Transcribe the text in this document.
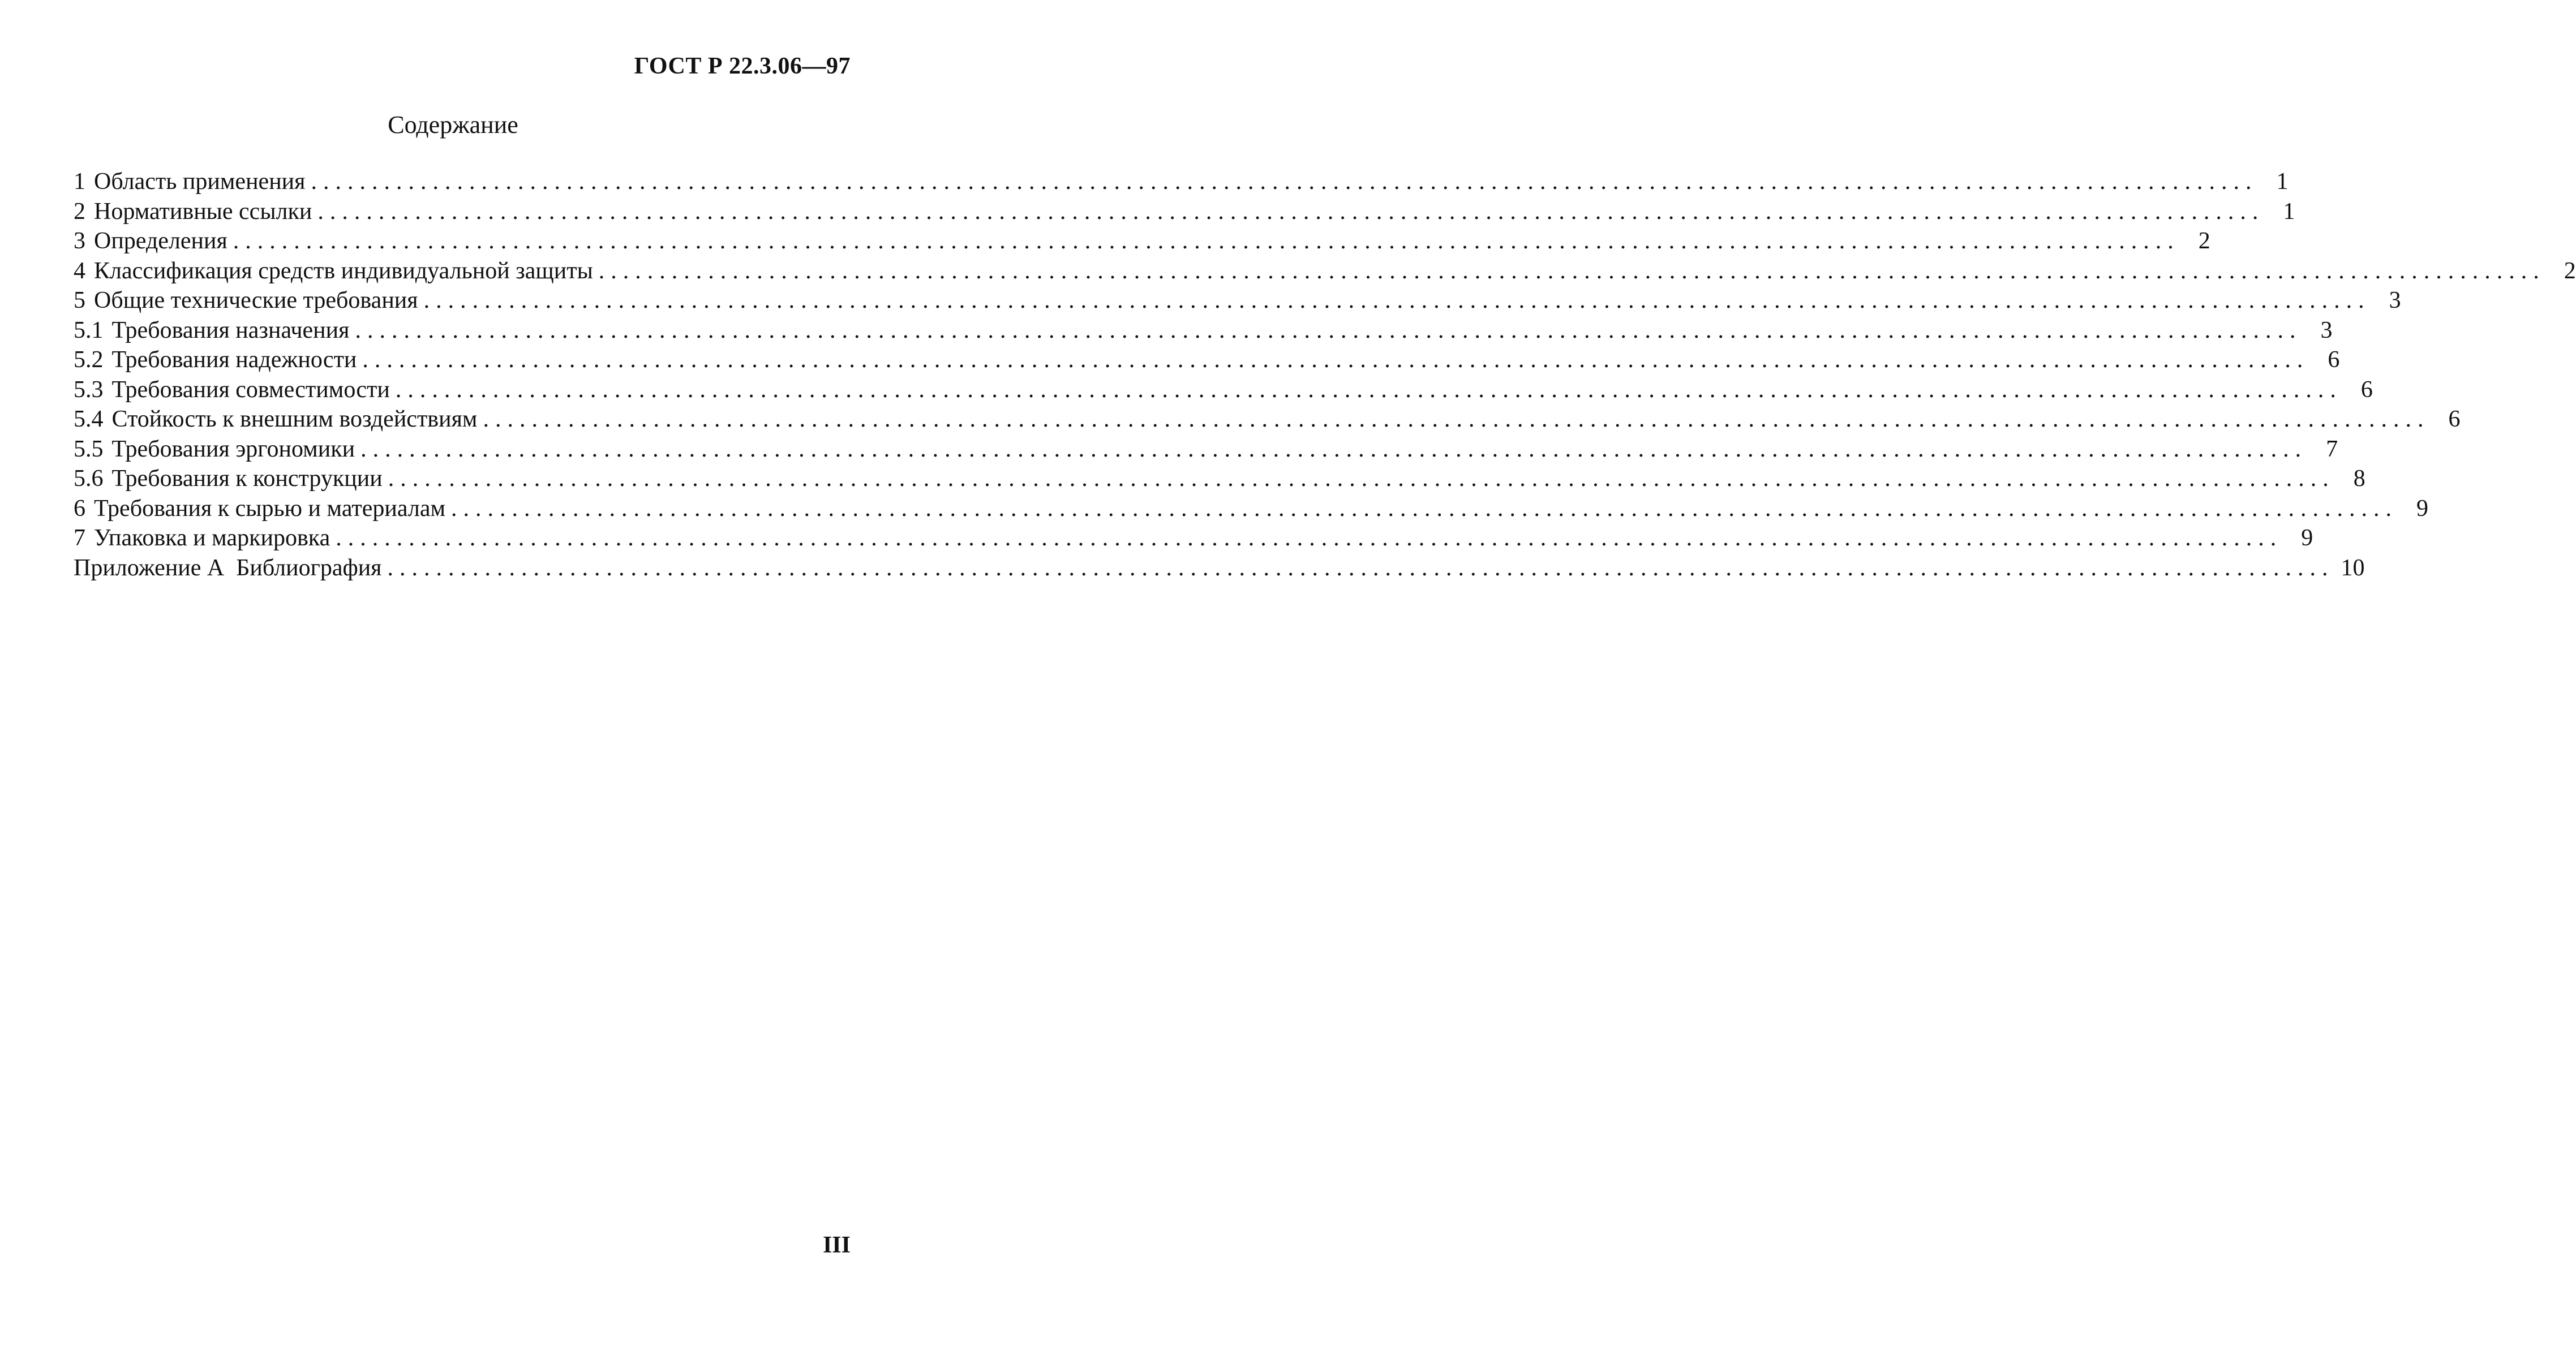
ГОСТ Р 22.3.06—97
Содержание
1 Область применения ................................................................................................................................................................ 1
2 Нормативные ссылки ................................................................................................................................................................ 1
3 Определения ................................................................................................................................................................ 2
4 Классификация средств индивидуальной защиты ................................................................................................................................................................ 2
5 Общие технические требования ................................................................................................................................................................ 3
5.1 Требования назначения ................................................................................................................................................................ 3
5.2 Требования надежности ................................................................................................................................................................ 6
5.3 Требования совместимости ................................................................................................................................................................ 6
5.4 Стойкость к внешним воздействиям ................................................................................................................................................................ 6
5.5 Требования эргономики ................................................................................................................................................................ 7
5.6 Требования к конструкции ................................................................................................................................................................ 8
6 Требования к сырью и материалам ................................................................................................................................................................ 9
7 Упаковка и маркировка ................................................................................................................................................................ 9
Приложение А  Библиография ................................................................................................................................................................ 10
III
